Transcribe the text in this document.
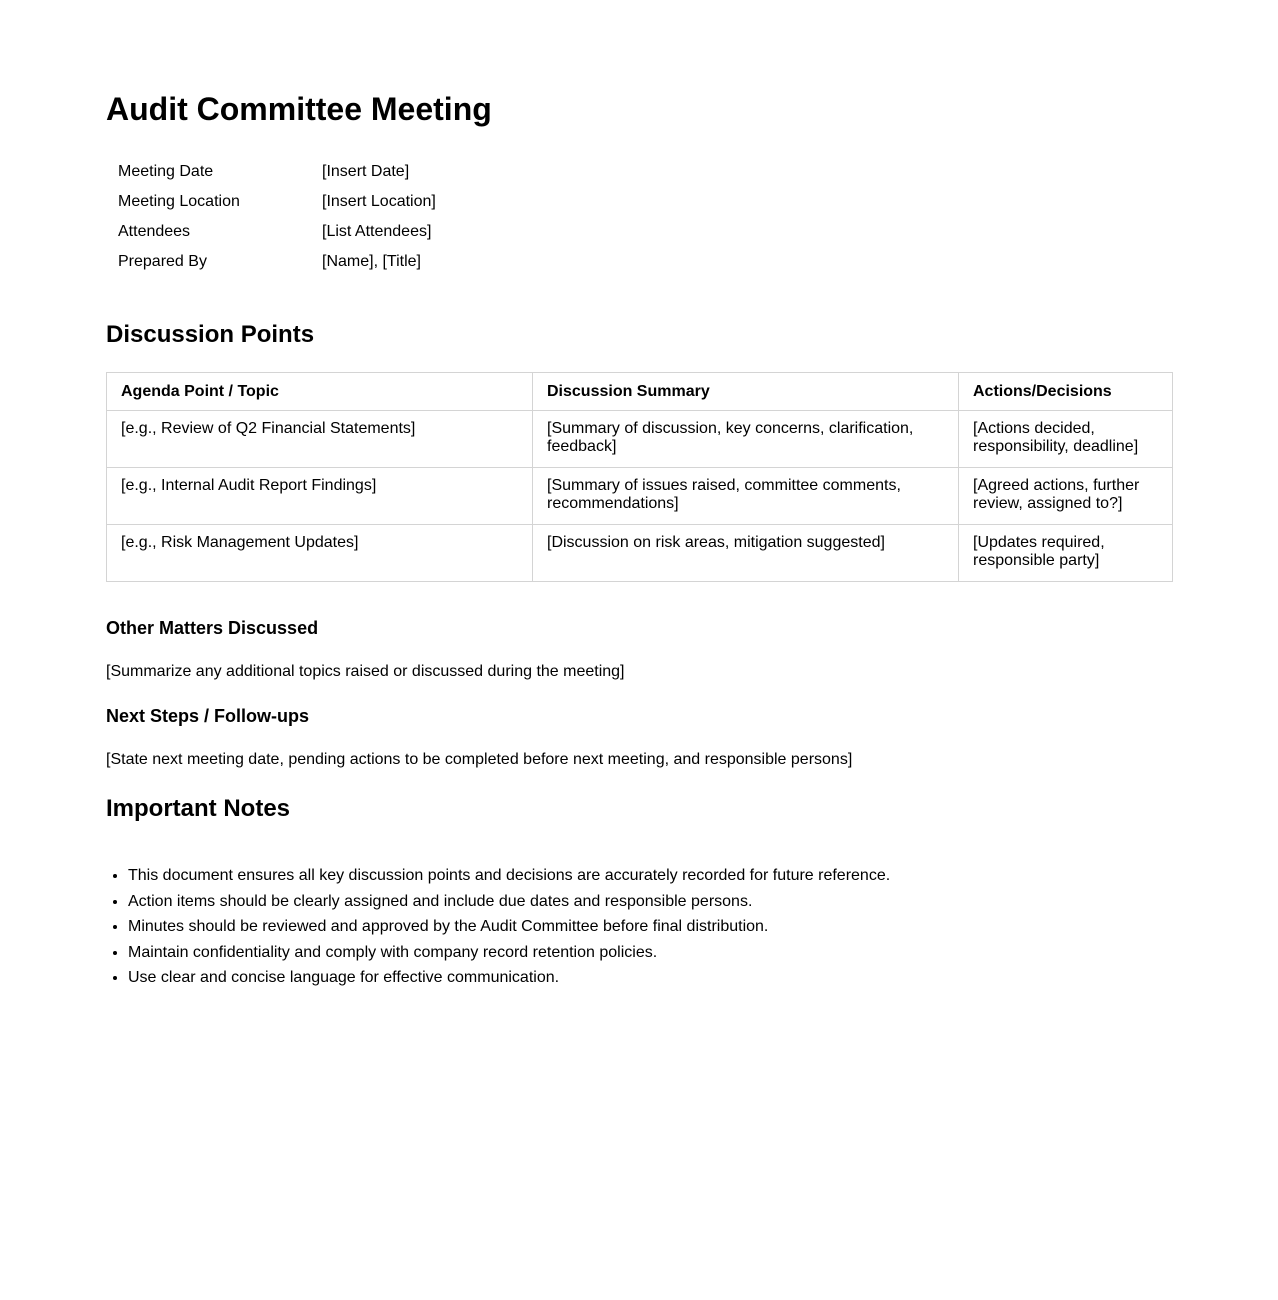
Audit Committee Meeting
Meeting Date	[Insert Date]
Meeting Location	[Insert Location]
Attendees	[List Attendees]
Prepared By	[Name], [Title]
Discussion Points
Agenda Point / Topic	Discussion Summary	Actions/Decisions
[e.g., Review of Q2 Financial Statements]	[Summary of discussion, key concerns, clarification, feedback]	[Actions decided, responsibility, deadline]
[e.g., Internal Audit Report Findings]	[Summary of issues raised, committee comments, recommendations]	[Agreed actions, further review, assigned to?]
[e.g., Risk Management Updates]	[Discussion on risk areas, mitigation suggested]	[Updates required, responsible party]
Other Matters Discussed

[Summarize any additional topics raised or discussed during the meeting]

Next Steps / Follow-ups

[State next meeting date, pending actions to be completed before next meeting, and responsible persons]

Important Notes
• This document ensures all key discussion points and decisions are accurately recorded for future reference.
• Action items should be clearly assigned and include due dates and responsible persons.
• Minutes should be reviewed and approved by the Audit Committee before final distribution.
• Maintain confidentiality and comply with company record retention policies.
• Use clear and concise language for effective communication.
